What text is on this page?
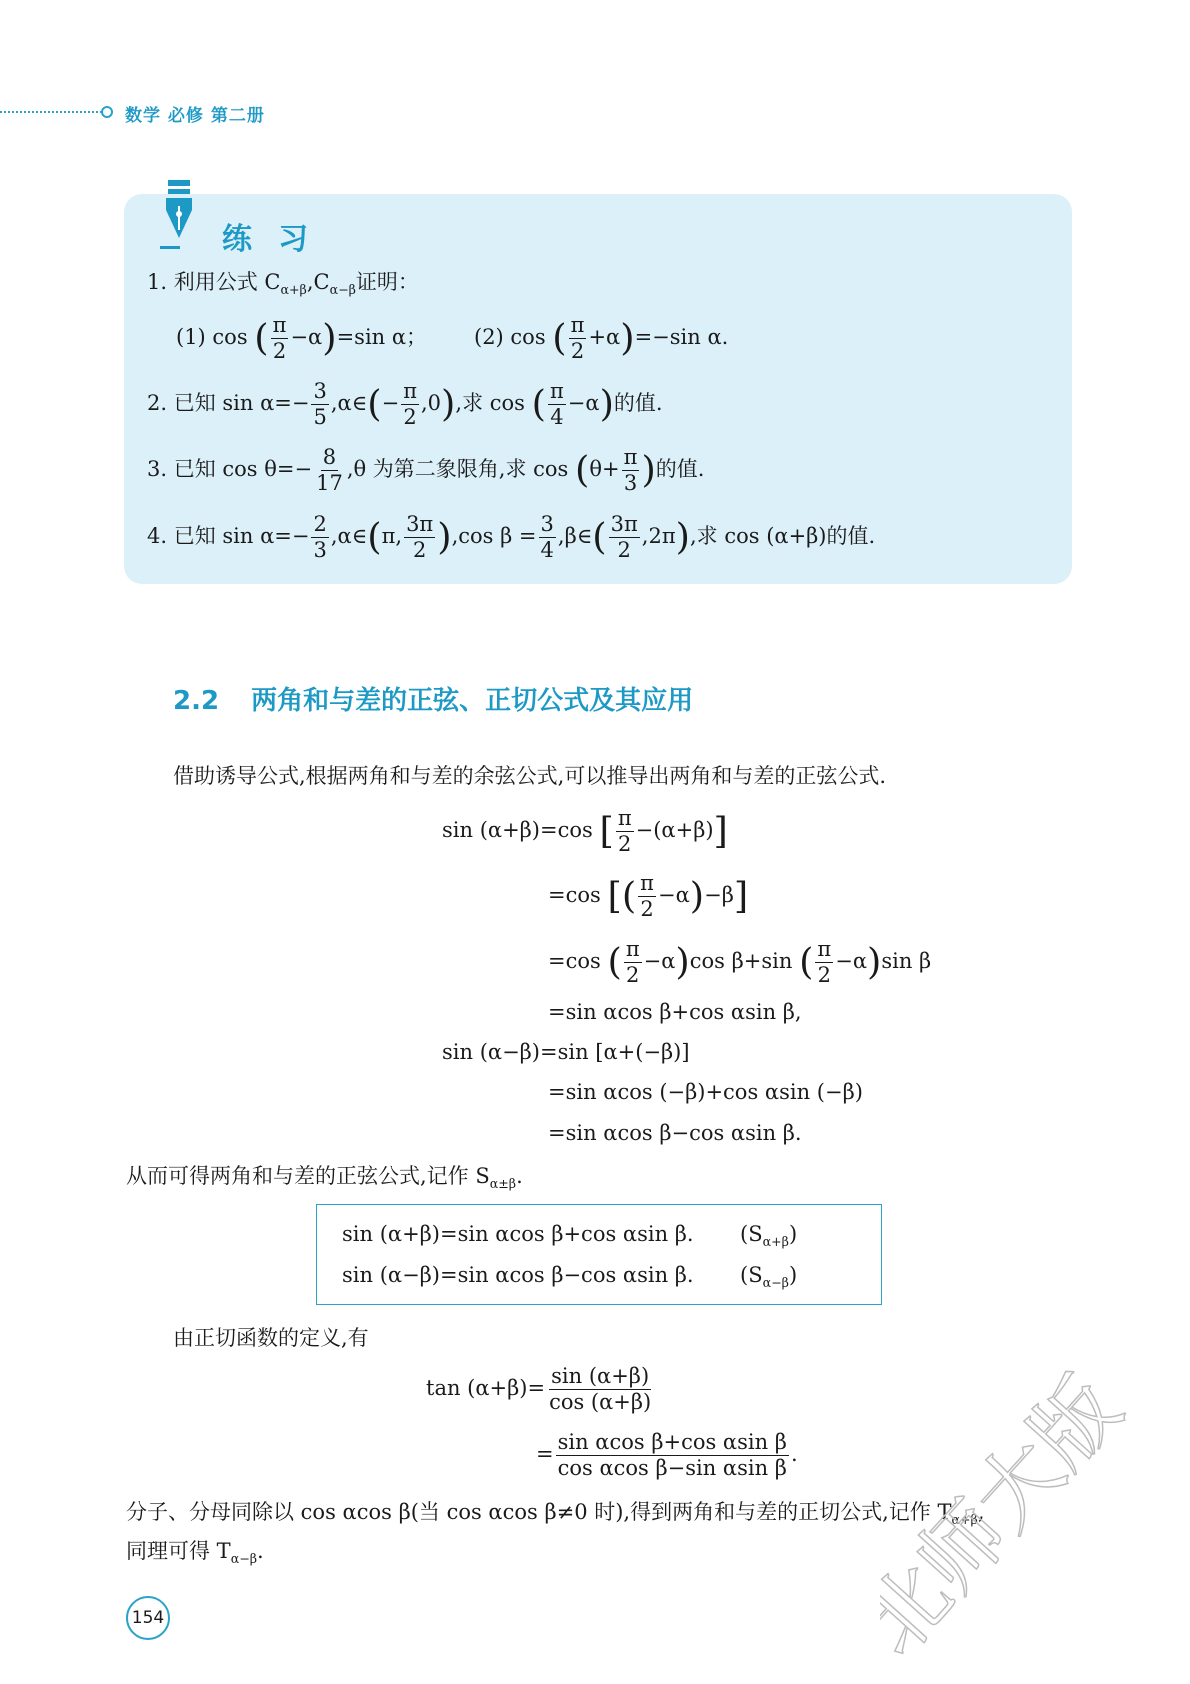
数学 必修 第二册
练习
1. 利用公式 $C_{\alpha+\beta},C_{\alpha-\beta}$证明：
(1) cos ( $\frac{\pi}{2} -\alpha)=\sin$ α； (2) cos ( $\frac{\pi}{2} +\alpha)=-\sin$ α.
2. 已知 $\sin \alpha=- \frac{3}{5}$ ,α∈(− $\frac{\pi}{2} ,0$),求 cos ( $\frac{\pi}{4} -\alpha$)的值.
3. 已知 $\cos \theta=- \frac{8}{17} ,\theta$ 为第二象限角,求 $\cos (\theta+ \frac{\pi}{3}$ )的值.
4. 已知 $\sin \alpha=- \frac{2}{3}$ ,α∈(π, $\frac{3\pi}{2} ),\cos$ $\beta = \frac{3}{4}$ ,β∈( $\frac{3\pi}{2} ,2\pi$),求 cos (α+β)的值.
2.2 两角和与差的正弦、正切公式及其应用
借助诱导公式,根据两角和与差的余弦公式,可以推导出两角和与差的正弦公式.
sin (α+β)=cos [ $\frac{\pi}{2} -(\alpha+\beta)$]
=cos [( $\frac{\pi}{2} -\alpha)-\beta$]
=cos ( $\frac{\pi}{2} -\alpha)\cos$ β+sin ( $\frac{\pi}{2} -\alpha)\sin$ β
=sin αcos β+cos αsin β,
sin (α−β)=sin [α+(−β)]
=sin αcos (−β)+cos αsin (−β)
=sin αcos β−cos αsin β.
从而可得两角和与差的正弦公式,记作 $S_{\alpha\pm\beta}$.
sin (α+β)=sin αcos β+cos αsin β. $(S_{\alpha+\beta})$
sin (α−β)=sin αcos β−cos αsin β. $(S_{\alpha-\beta})$
由正切函数的定义,有
$\tan (\alpha+\beta)= \frac{\sin (\alpha+\beta)}{\cos (\alpha+\beta)}$
= $\frac{\text{sin αcos β+cos αsin β}}{\text{cos αcos β−sin αsin β}}$ .
分子、分母同除以 cos αcos β(当 cos αcos β≠0 时),得到两角和与差的正切公式,记作 $T_{\alpha+\beta}$,
同理可得 $T_{\alpha-\beta}$.
154	北师大版
